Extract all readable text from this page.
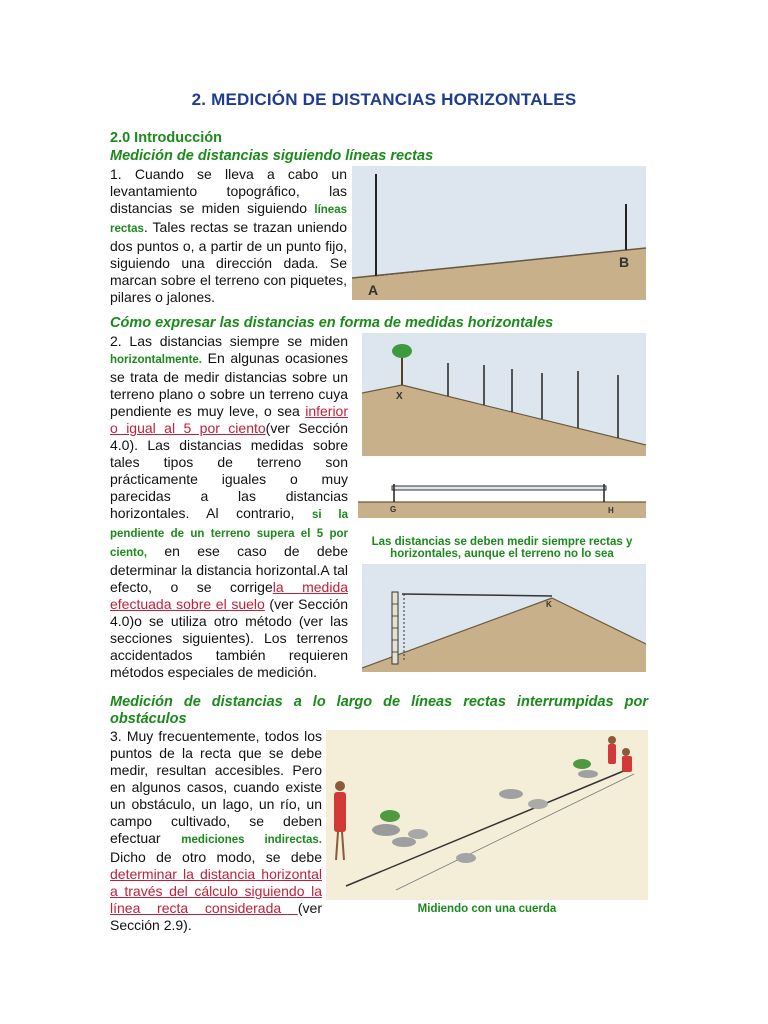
2. MEDICIÓN DE DISTANCIAS HORIZONTALES
2.0 Introducción
Medición de distancias siguiendo líneas rectas
1. Cuando se lleva a cabo un levantamiento topográfico, las distancias se miden siguiendo líneas rectas. Tales rectas se trazan uniendo dos puntos o, a partir de un punto fijo, siguiendo una dirección dada. Se marcan sobre el terreno con piquetes, pilares o jalones.	A
B
Cómo expresar las distancias en forma de medidas horizontales
2. Las distancias siempre se miden horizontalmente. En algunas ocasiones se trata de medir distancias sobre un terreno plano o sobre un terreno cuya pendiente es muy leve, o sea inferior o igual al 5 por ciento(ver Sección 4.0). Las distancias medidas sobre tales tipos de terreno son prácticamente iguales o muy parecidas a las distancias horizontales. Al contrario, si la pendiente de un terreno supera el 5 por ciento, en ese caso de debe determinar la distancia horizontal.A tal efecto, o se corrigela medida efectuada sobre el suelo (ver Sección 4.0)o se utiliza otro método (ver las secciones siguientes). Los terrenos accidentados también requieren métodos especiales de medición.
X
G	H
Las distancias se deben medir siempre rectas y horizontales, aunque el terreno no lo sea
K
Medición de distancias a lo largo de líneas rectas interrumpidas por obstáculos
3. Muy frecuentemente, todos los puntos de la recta que se debe medir, resultan accesibles. Pero en algunos casos, cuando existe un obstáculo, un lago, un río, un campo cultivado, se deben efectuar mediciones indirectas. Dicho de otro modo, se debe determinar la distancia horizontal a través del cálculo siguiendo la línea recta considerada (ver Sección 2.9).
Midiendo con una cuerda
